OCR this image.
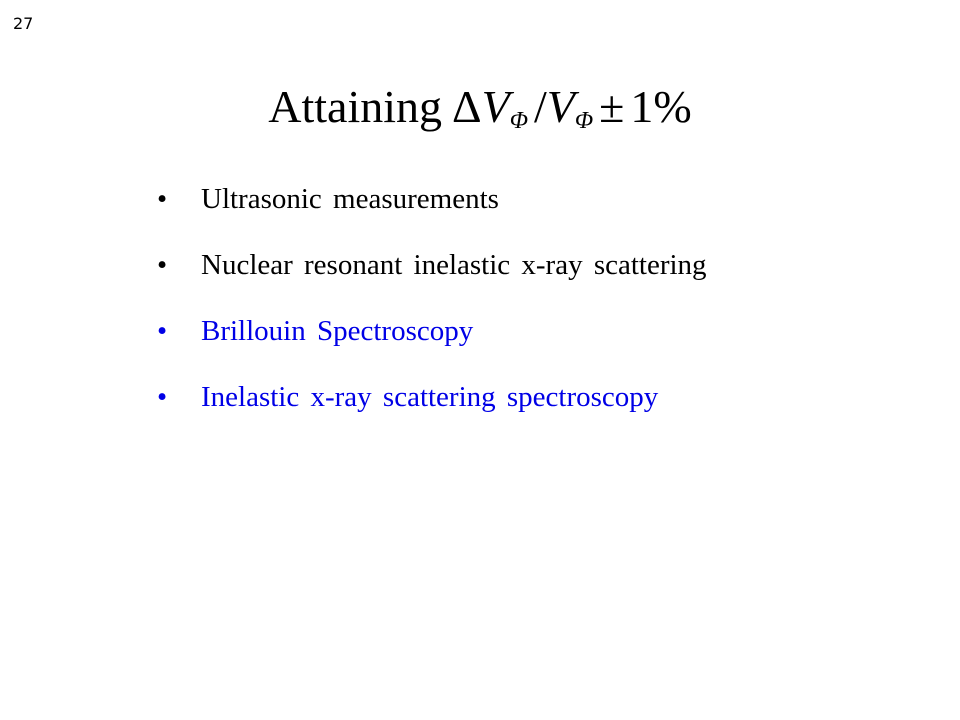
27
Attaining $\Delta V_\Phi$ $/V_\Phi \pm 1\%$
•	Ultrasonic measurements
•	Nuclear resonant inelastic x-ray scattering
•	Brillouin Spectroscopy
•	Inelastic x-ray scattering spectroscopy
